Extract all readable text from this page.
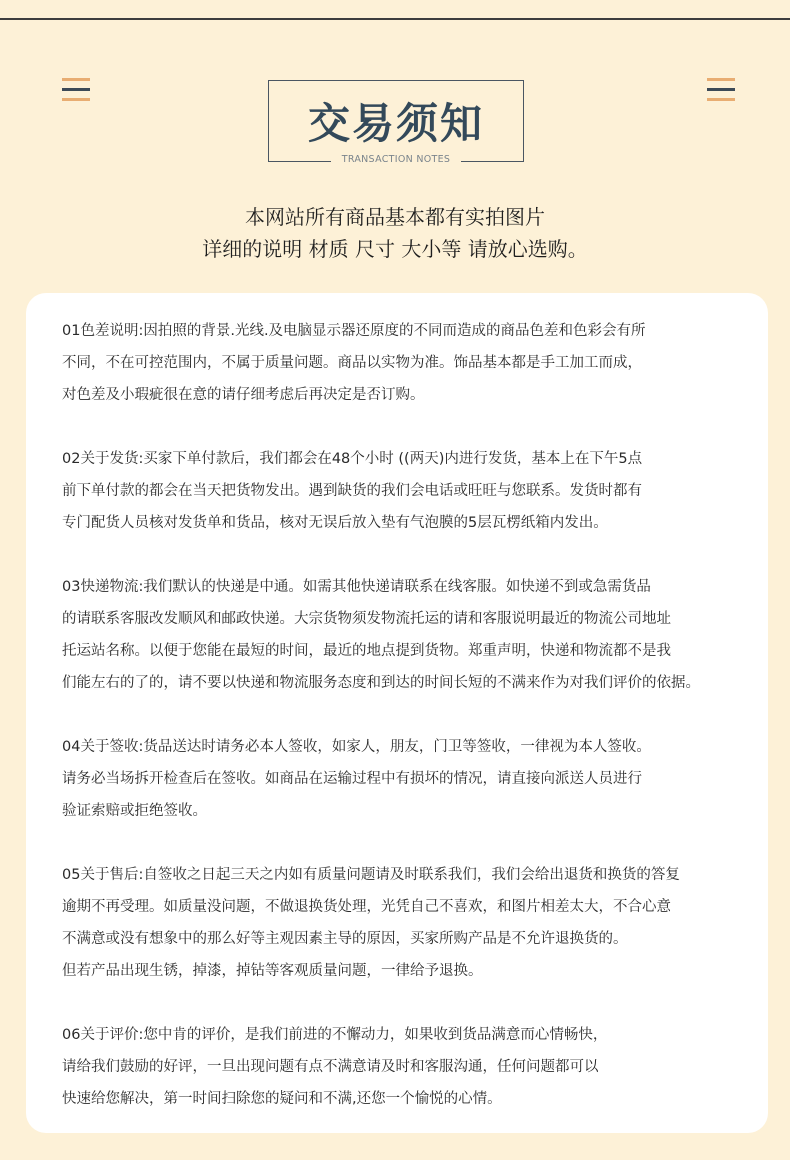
交易须知
TRANSACTION NOTES
本网站所有商品基本都有实拍图片
详细的说明 材质 尺寸 大小等 请放心选购。
01色差说明:因拍照的背景.光线.及电脑显示器还原度的不同而造成的商品色差和色彩会有所
不同，不在可控范围内，不属于质量问题。商品以实物为准。饰品基本都是手工加工而成，
对色差及小瑕疵很在意的请仔细考虑后再决定是否订购。
02关于发货:买家下单付款后，我们都会在48个小时 ((两天)内进行发货，基本上在下午5点
前下单付款的都会在当天把货物发出。遇到缺货的我们会电话或旺旺与您联系。发货时都有
专门配货人员核对发货单和货品，核对无误后放入垫有气泡膜的5层瓦楞纸箱内发出。
03快递物流:我们默认的快递是中通。如需其他快递请联系在线客服。如快递不到或急需货品
的请联系客服改发顺风和邮政快递。大宗货物须发物流托运的请和客服说明最近的物流公司地址
托运站名称。以便于您能在最短的时间，最近的地点提到货物。郑重声明，快递和物流都不是我
们能左右的了的，请不要以快递和物流服务态度和到达的时间长短的不满来作为对我们评价的依据。
04关于签收:货品送达时请务必本人签收，如家人，朋友，门卫等签收，一律视为本人签收。
请务必当场拆开检查后在签收。如商品在运输过程中有损坏的情况，请直接向派送人员进行
验证索赔或拒绝签收。
05关于售后:自签收之日起三天之内如有质量问题请及时联系我们，我们会给出退货和换货的答复
逾期不再受理。如质量没问题，不做退换货处理，光凭自己不喜欢，和图片相差太大，不合心意
不满意或没有想象中的那么好等主观因素主导的原因，买家所购产品是不允许退换货的。
但若产品出现生锈，掉漆，掉钻等客观质量问题，一律给予退换。
06关于评价:您中肯的评价，是我们前进的不懈动力，如果收到货品满意而心情畅快，
请给我们鼓励的好评，一旦出现问题有点不满意请及时和客服沟通，任何问题都可以
快速给您解决，第一时间扫除您的疑问和不满,还您一个愉悦的心情。
